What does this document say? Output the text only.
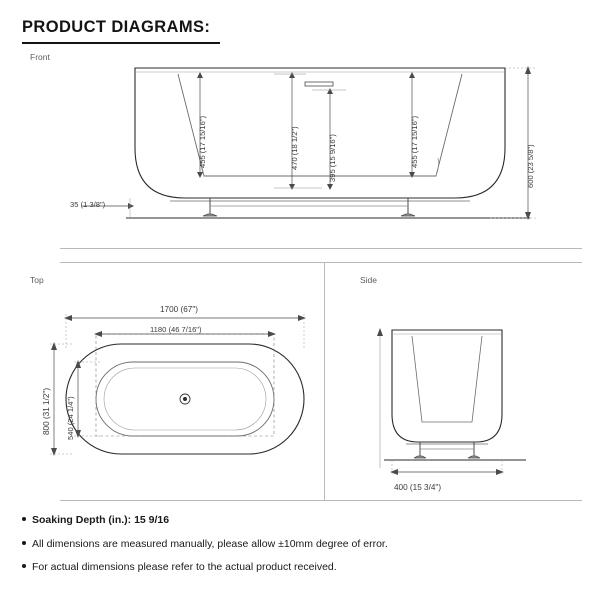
PRODUCT DIAGRAMS:
Front
Top	Side
455 (17 15/16")	470 (18 1/2")	395 (15 9/16")	455 (17 15/16")	600 (23 5/8")
35 (1 3/8")
1700 (67")
1180 (46 7/16")
800 (31 1/2") 540 (24 1/4")
400 (15 3/4")
Soaking Depth (in.): 15 9/16
All dimensions are measured manually, please allow ±10mm degree of error.
For actual dimensions please refer to the actual product received.
